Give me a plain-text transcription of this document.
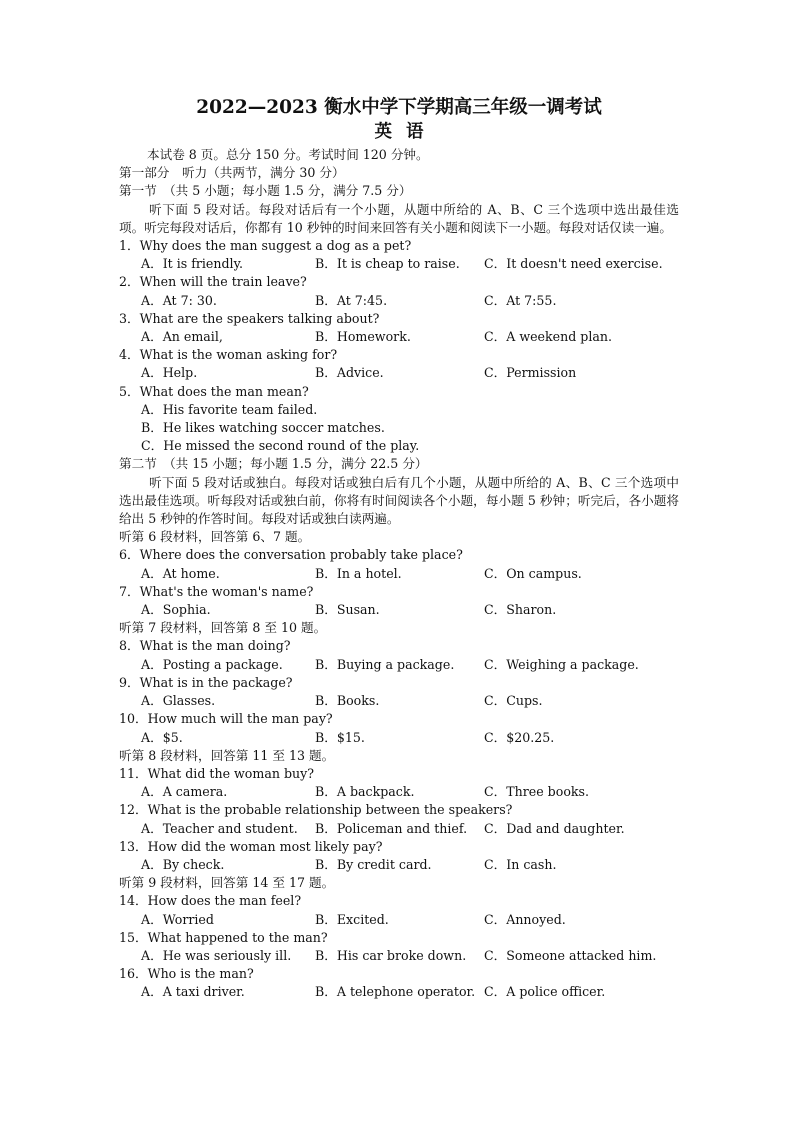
2022—2023 衡水中学下学期高三年级一调考试
英语
本试卷 8 页。总分 150 分。考试时间 120 分钟。
第一部分　听力（共两节，满分 30 分）
第一节　（共 5 小题；每小题 1.5 分，满分 7.5 分）
听下面 5 段对话。每段对话后有一个小题，从题中所给的 A、B、C 三个选项中选出最佳选项。听完每段对话后，你都有 10 秒钟的时间来回答有关小题和阅读下一小题。每段对话仅读一遍。
1．Why does the man suggest a dog as a pet?
A．It is friendly.	B．It is cheap to raise.	C．It doesn't need exercise.
2．When will the train leave?
A．At 7: 30.	B．At 7:45.	C．At 7:55.
3．What are the speakers talking about?
A．An email,	B．Homework.	C．A weekend plan.
4．What is the woman asking for?
A．Help.	B．Advice.	C．Permission
5．What does the man mean?
A．His favorite team failed.
B．He likes watching soccer matches.
C．He missed the second round of the play.
第二节　（共 15 小题；每小题 1.5 分，满分 22.5 分）
听下面 5 段对话或独白。每段对话或独白后有几个小题，从题中所给的 A、B、C 三个选项中选出最佳选项。听每段对话或独白前，你将有时间阅读各个小题，每小题 5 秒钟；听完后，各小题将给出 5 秒钟的作答时间。每段对话或独白读两遍。
听第 6 段材料，回答第 6、7 题。
6．Where does the conversation probably take place?
A．At home.	B．In a hotel.	C．On campus.
7．What's the woman's name?
A．Sophia.	B．Susan.	C．Sharon.
听第 7 段材料，回答第 8 至 10 题。
8．What is the man doing?
A．Posting a package.	B．Buying a package.	C．Weighing a package.
9．What is in the package?
A．Glasses.	B．Books.	C．Cups.
10．How much will the man pay?
A．$5.	B．$15.	C．$20.25.
听第 8 段材料，回答第 11 至 13 题。
11．What did the woman buy?
A．A camera.	B．A backpack.	C．Three books.
12．What is the probable relationship between the speakers?
A．Teacher and student.	B．Policeman and thief.	C．Dad and daughter.
13．How did the woman most likely pay?
A．By check.	B．By credit card.	C．In cash.
听第 9 段材料，回答第 14 至 17 题。
14．How does the man feel?
A．Worried	B．Excited.	C．Annoyed.
15．What happened to the man?
A．He was seriously ill.	B．His car broke down.	C．Someone attacked him.
16．Who is the man?
A．A taxi driver.	B．A telephone operator. C．A police officer.
